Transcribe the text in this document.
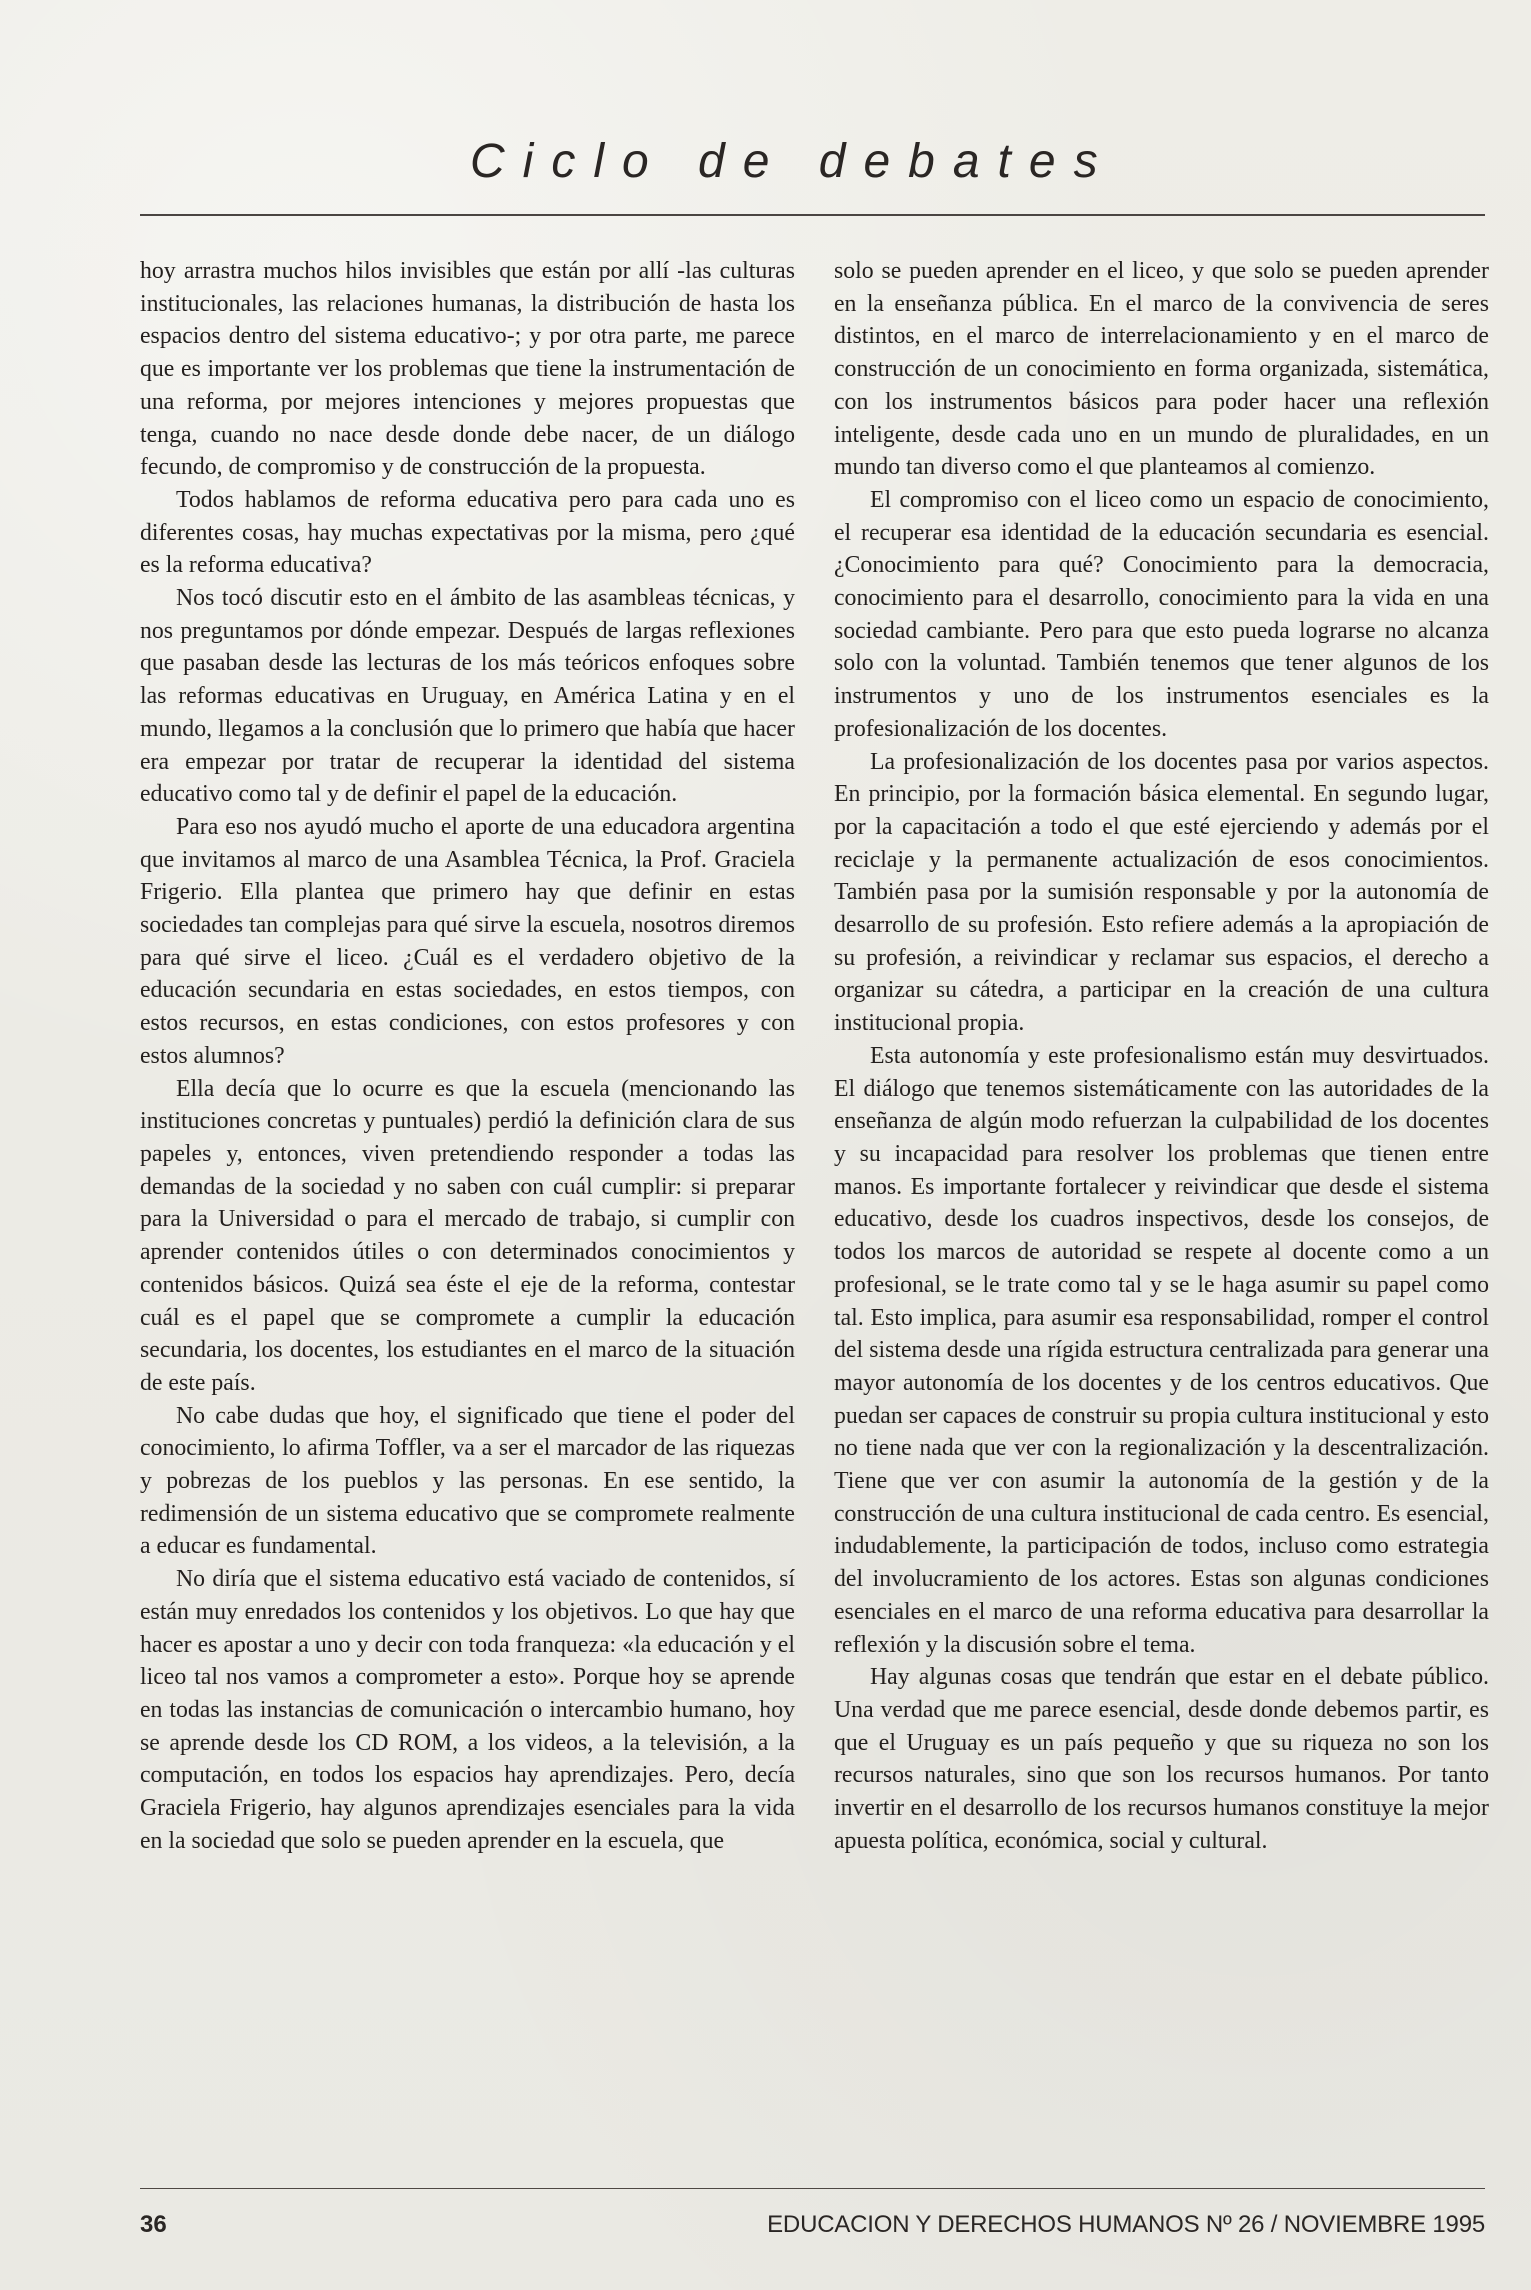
Ciclo de debates

hoy arrastra muchos hilos invisibles que están por allí -las culturas institucionales, las relaciones humanas, la distribución de hasta los espacios dentro del sistema educativo-; y por otra parte, me parece que es importante ver los problemas que tiene la instrumentación de una reforma, por mejores intenciones y mejores propuestas que tenga, cuando no nace desde donde debe nacer, de un diálogo fecundo, de compromiso y de construcción de la propuesta.

Todos hablamos de reforma educativa pero para cada uno es diferentes cosas, hay muchas expectativas por la misma, pero ¿qué es la reforma educativa?

Nos tocó discutir esto en el ámbito de las asambleas técnicas, y nos preguntamos por dónde empezar. Después de largas reflexiones que pasaban desde las lecturas de los más teóricos enfoques sobre las reformas educativas en Uruguay, en América Latina y en el mundo, llegamos a la conclusión que lo primero que había que hacer era empezar por tratar de recuperar la identidad del sistema educativo como tal y de definir el papel de la educación.

Para eso nos ayudó mucho el aporte de una educadora argentina que invitamos al marco de una Asamblea Técnica, la Prof. Graciela Frigerio. Ella plantea que primero hay que definir en estas sociedades tan complejas para qué sirve la escuela, nosotros diremos para qué sirve el liceo. ¿Cuál es el verdadero objetivo de la educación secundaria en estas sociedades, en estos tiempos, con estos recursos, en estas condiciones, con estos profesores y con estos alumnos?

Ella decía que lo ocurre es que la escuela (mencionando las instituciones concretas y puntuales) perdió la definición clara de sus papeles y, entonces, viven pretendiendo responder a todas las demandas de la sociedad y no saben con cuál cumplir: si preparar para la Universidad o para el mercado de trabajo, si cumplir con aprender contenidos útiles o con determinados conocimientos y contenidos básicos. Quizá sea éste el eje de la reforma, contestar cuál es el papel que se compromete a cumplir la educación secundaria, los docentes, los estudiantes en el marco de la situación de este país.

No cabe dudas que hoy, el significado que tiene el poder del conocimiento, lo afirma Toffler, va a ser el marcador de las riquezas y pobrezas de los pueblos y las personas. En ese sentido, la redimensión de un sistema educativo que se compromete realmente a educar es fundamental.

No diría que el sistema educativo está vaciado de contenidos, sí están muy enredados los contenidos y los objetivos. Lo que hay que hacer es apostar a uno y decir con toda franqueza: «la educación y el liceo tal nos vamos a comprometer a esto». Porque hoy se aprende en todas las instancias de comunicación o intercambio humano, hoy se aprende desde los CD ROM, a los videos, a la televisión, a la computación, en todos los espacios hay aprendizajes. Pero, decía Graciela Frigerio, hay algunos aprendizajes esenciales para la vida en la sociedad que solo se pueden aprender en la escuela, que

solo se pueden aprender en el liceo, y que solo se pueden aprender en la enseñanza pública. En el marco de la convivencia de seres distintos, en el marco de interrelacionamiento y en el marco de construcción de un conocimiento en forma organizada, sistemática, con los instrumentos básicos para poder hacer una reflexión inteligente, desde cada uno en un mundo de pluralidades, en un mundo tan diverso como el que planteamos al comienzo.

El compromiso con el liceo como un espacio de conocimiento, el recuperar esa identidad de la educación secundaria es esencial. ¿Conocimiento para qué? Conocimiento para la democracia, conocimiento para el desarrollo, conocimiento para la vida en una sociedad cambiante. Pero para que esto pueda lograrse no alcanza solo con la voluntad. También tenemos que tener algunos de los instrumentos y uno de los instrumentos esenciales es la profesionalización de los docentes.

La profesionalización de los docentes pasa por varios aspectos. En principio, por la formación básica elemental. En segundo lugar, por la capacitación a todo el que esté ejerciendo y además por el reciclaje y la permanente actualización de esos conocimientos. También pasa por la sumisión responsable y por la autonomía de desarrollo de su profesión. Esto refiere además a la apropiación de su profesión, a reivindicar y reclamar sus espacios, el derecho a organizar su cátedra, a participar en la creación de una cultura institucional propia.

Esta autonomía y este profesionalismo están muy desvirtuados. El diálogo que tenemos sistemáticamente con las autoridades de la enseñanza de algún modo refuerzan la culpabilidad de los docentes y su incapacidad para resolver los problemas que tienen entre manos. Es importante fortalecer y reivindicar que desde el sistema educativo, desde los cuadros inspectivos, desde los consejos, de todos los marcos de autoridad se respete al docente como a un profesional, se le trate como tal y se le haga asumir su papel como tal. Esto implica, para asumir esa responsabilidad, romper el control del sistema desde una rígida estructura centralizada para generar una mayor autonomía de los docentes y de los centros educativos. Que puedan ser capaces de construir su propia cultura institucional y esto no tiene nada que ver con la regionalización y la descentralización. Tiene que ver con asumir la autonomía de la gestión y de la construcción de una cultura institucional de cada centro. Es esencial, indudablemente, la participación de todos, incluso como estrategia del involucramiento de los actores. Estas son algunas condiciones esenciales en el marco de una reforma educativa para desarrollar la reflexión y la discusión sobre el tema.

Hay algunas cosas que tendrán que estar en el debate público. Una verdad que me parece esencial, desde donde debemos partir, es que el Uruguay es un país pequeño y que su riqueza no son los recursos naturales, sino que son los recursos humanos. Por tanto invertir en el desarrollo de los recursos humanos constituye la mejor apuesta política, económica, social y cultural.

36	EDUCACION Y DERECHOS HUMANOS Nº 26 / NOVIEMBRE 1995
